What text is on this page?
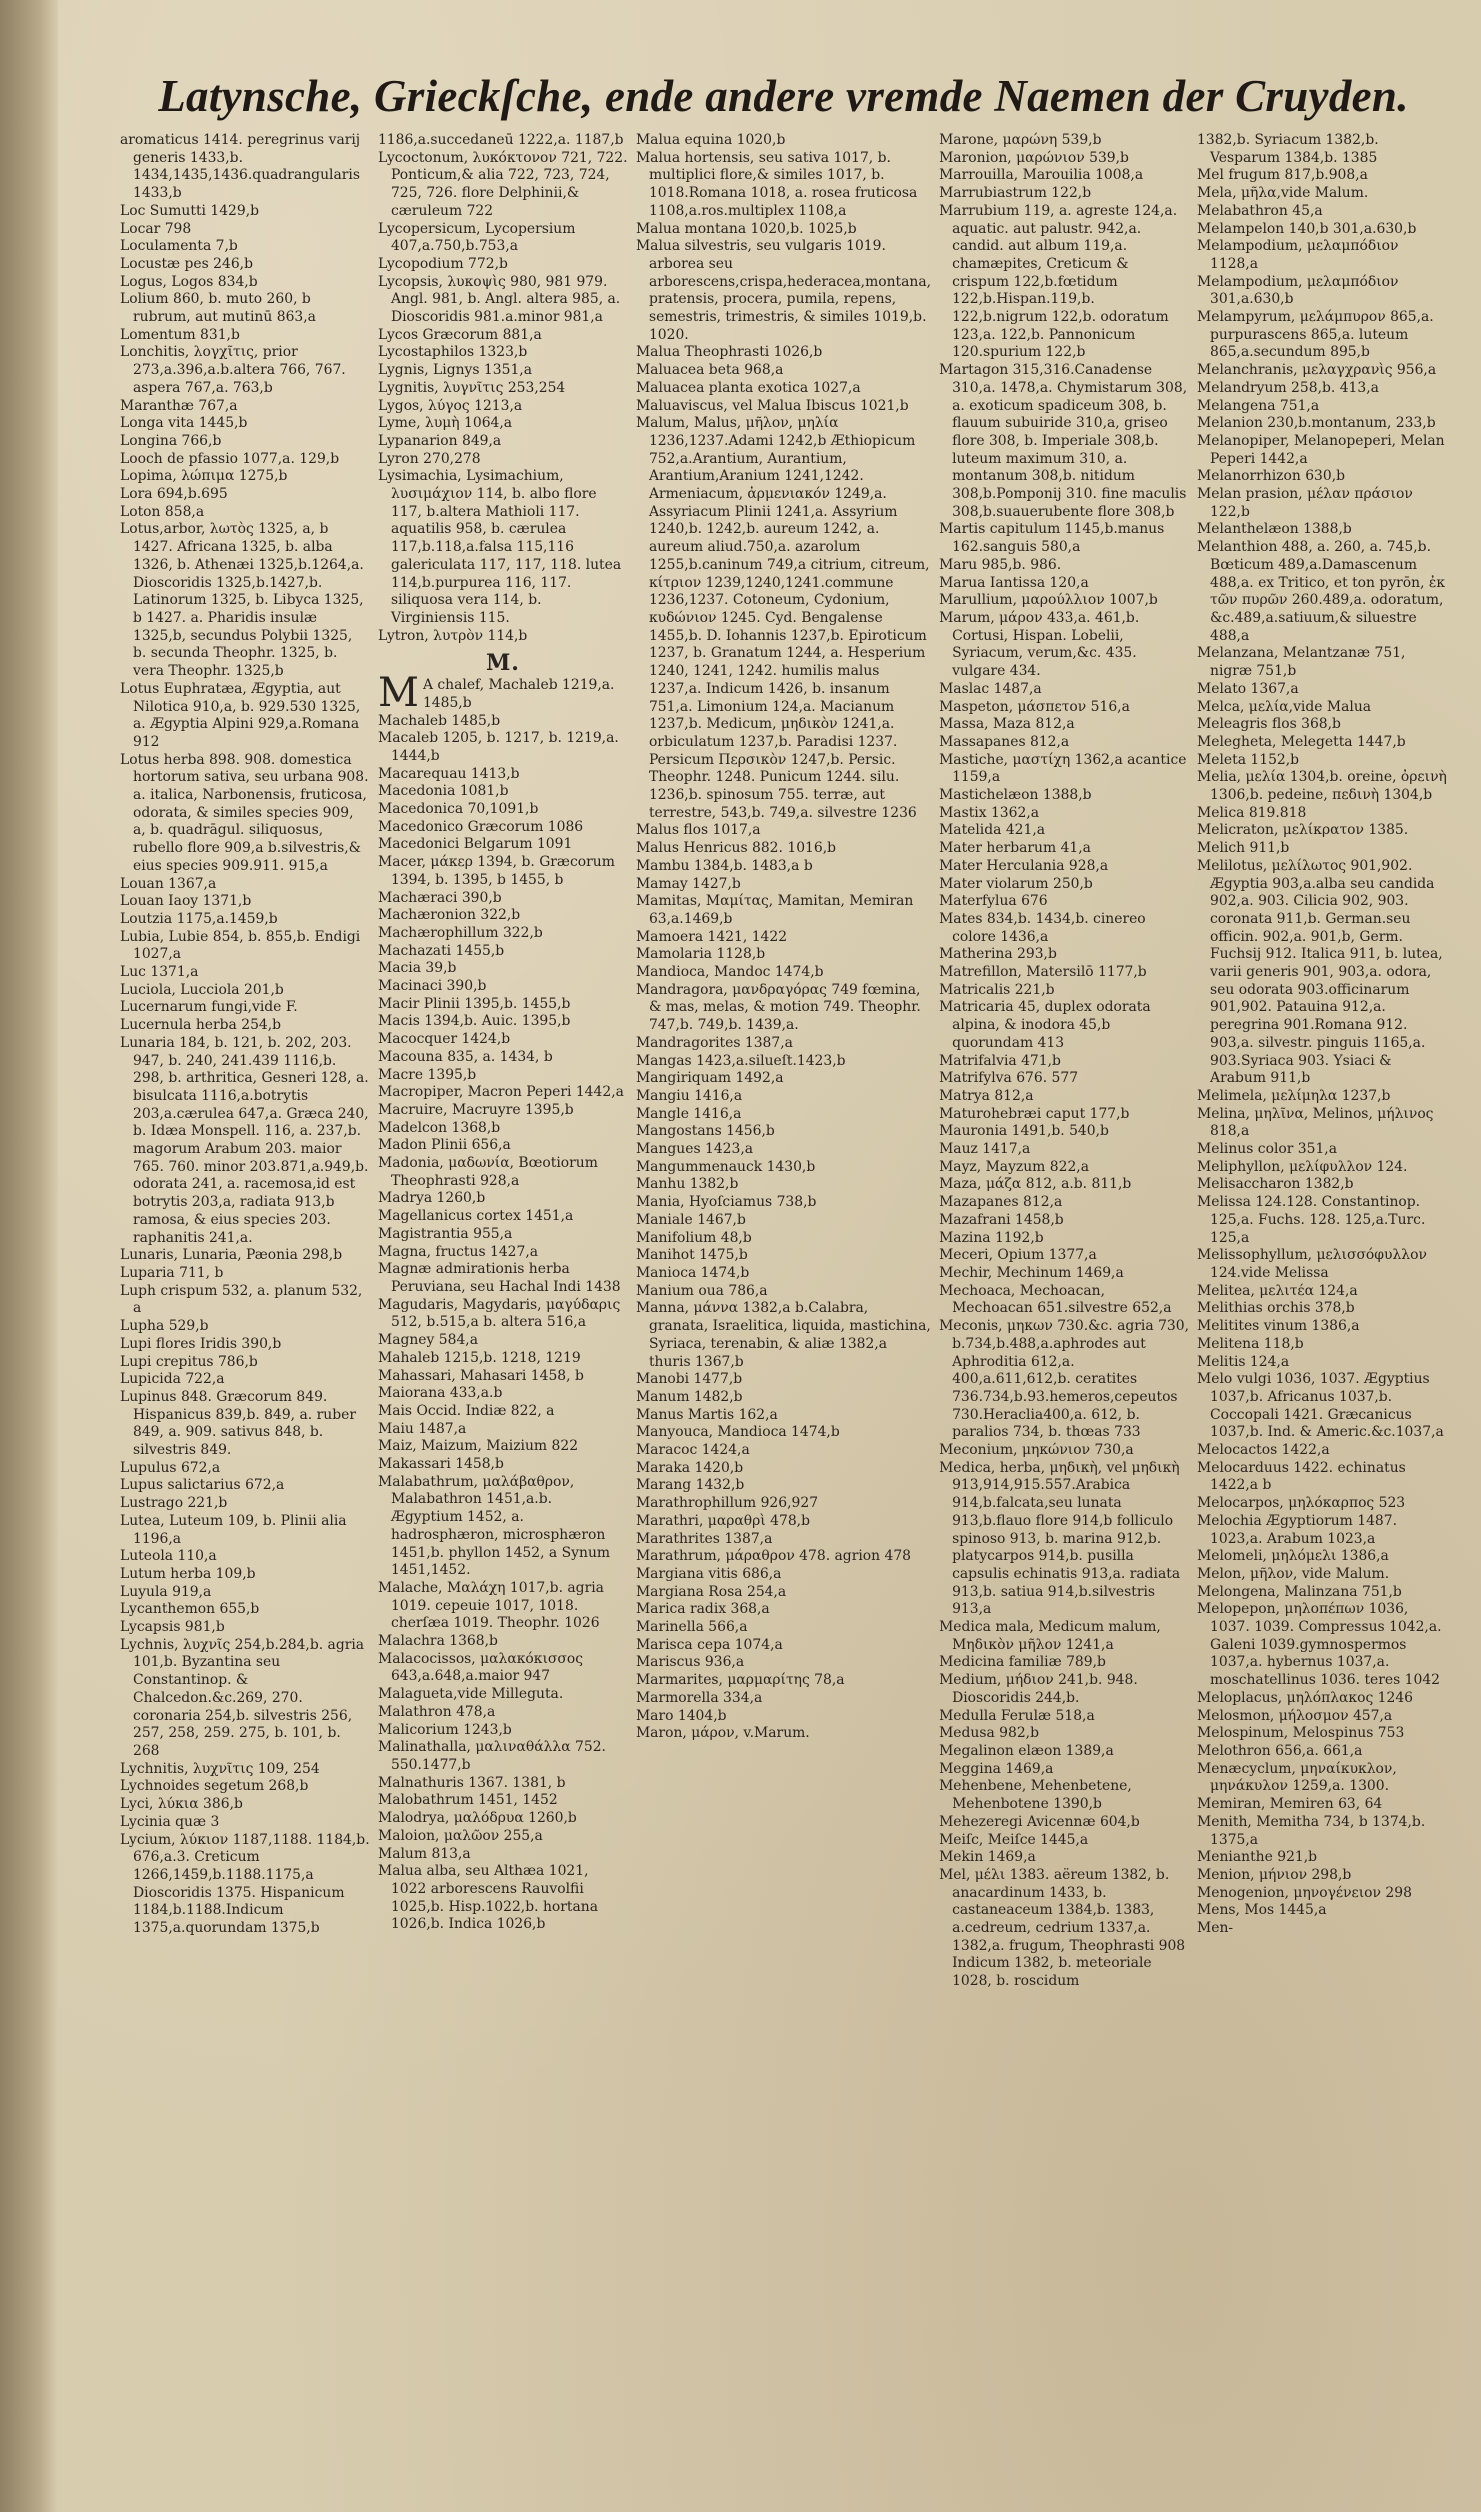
Latynsche, Grieckſche, ende andere vremde Naemen der Cruyden.

aromaticus 1414. peregrinus varij generis 1433,b. 1434,1435,1436.quadrangularis 1433,b

Loc Sumutti 1429,b

Locar 798

Loculamenta 7,b

Locustæ pes 246,b

Logus, Logos 834,b

Lolium 860, b. muto 260, b rubrum, aut mutinū 863,a

Lomentum 831,b

Lonchitis, λογχῖτις, prior 273,a.396,a.b.altera 766, 767. aspera 767,a. 763,b

Maranthæ 767,a

Longa vita 1445,b

Longina 766,b

Looch de pfassio 1077,a. 129,b

Lopima, λώπιμα 1275,b

Lora 694,b.695

Loton 858,a

Lotus,arbor, λωτὸς 1325, a, b 1427. Africana 1325, b. alba 1326, b. Athenæi 1325,b.1264,a. Dioscoridis 1325,b.1427,b. Latinorum 1325, b. Libyca 1325, b 1427. a. Pharidis insulæ 1325,b, secundus Polybii 1325, b. secunda Theophr. 1325, b. vera Theophr. 1325,b

Lotus Euphratæa, Ægyptia, aut Nilotica 910,a, b. 929.530 1325, a. Ægyptia Alpini 929,a.Romana 912

Lotus herba 898. 908. domestica hortorum sativa, seu urbana 908. a. italica, Narbonensis, fruticosa, odorata, & similes species 909, a, b. quadrāgul. siliquosus, rubello flore 909,a b.silvestris,& eius species 909.911. 915,a

Louan 1367,a

Louan Iaoy 1371,b

Loutzia 1175,a.1459,b

Lubia, Lubie 854, b. 855,b. Endigi 1027,a

Luc 1371,a

Luciola, Lucciola 201,b

Lucernarum fungi,vide F.

Lucernula herba 254,b

Lunaria 184, b. 121, b. 202, 203. 947, b. 240, 241.439 1116,b. 298, b. arthritica, Gesneri 128, a. bisulcata 1116,a.botrytis 203,a.cærulea 647,a. Græca 240, b. Idæa Monspell. 116, a. 237,b. magorum Arabum 203. maior 765. 760. minor 203.871,a.949,b. odorata 241, a. racemosa,id est botrytis 203,a, radiata 913,b ramosa, & eius species 203. raphanitis 241,a.

Lunaris, Lunaria, Pæonia 298,b

Luparia 711, b

Luph crispum 532, a. planum 532, a

Lupha 529,b

Lupi flores Iridis 390,b

Lupi crepitus 786,b

Lupicida 722,a

Lupinus 848. Græcorum 849. Hispanicus 839,b. 849, a. ruber 849, a. 909. sativus 848, b. silvestris 849.

Lupulus 672,a

Lupus salictarius 672,a

Lustrago 221,b

Lutea, Luteum 109, b. Plinii alia 1196,a

Luteola 110,a

Lutum herba 109,b

Luyula 919,a

Lycanthemon 655,b

Lycapsis 981,b

Lychnis, λυχνῖς 254,b.284,b. agria 101,b. Byzantina seu Constantinop. & Chalcedon.&c.269, 270. coronaria 254,b. silvestris 256, 257, 258, 259. 275, b. 101, b. 268

Lychnitis, λυχνῖτις 109, 254

Lychnoides segetum 268,b

Lyci, λύκια 386,b

Lycinia quæ 3

Lycium, λύκιον 1187,1188. 1184,b. 676,a.3. Creticum 1266,1459,b.1188.1175,a Dioscoridis 1375. Hispanicum 1184,b.1188.Indicum 1375,a.quorundam 1375,b

1186,a.succedaneū 1222,a. 1187,b

Lycoctonum, λυκόκτονον 721, 722. Ponticum,& alia 722, 723, 724, 725, 726. flore Delphinii,& cæruleum 722

Lycopersicum, Lycopersium 407,a.750,b.753,a

Lycopodium 772,b

Lycopsis, λυκοψὶς 980, 981 979. Angl. 981, b. Angl. altera 985, a. Dioscoridis 981.a.minor 981,a

Lycos Græcorum 881,a

Lycostaphilos 1323,b

Lygnis, Lignys 1351,a

Lygnitis, λυγνῖτις 253,254

Lygos, λύγος 1213,a

Lyme, λυμὴ 1064,a

Lypanarion 849,a

Lyron 270,278

Lysimachia, Lysimachium, λυσιμάχιον 114, b. albo flore 117, b.altera Mathioli 117. aquatilis 958, b. cærulea 117,b.118,a.falsa 115,116 galericulata 117, 117, 118. lutea 114,b.purpurea 116, 117. siliquosa vera 114, b. Virginiensis 115.

Lytron, λυτρὸν 114,b

M.

M A chalef, Machaleb 1219,a. 1485,b

Machaleb 1485,b

Macaleb 1205, b. 1217, b. 1219,a. 1444,b

Macarequau 1413,b

Macedonia 1081,b

Macedonica 70,1091,b

Macedonico Græcorum 1086

Macedonici Belgarum 1091

Macer, μάκερ 1394, b. Græcorum 1394, b. 1395, b 1455, b

Machæraci 390,b

Machæronion 322,b

Machærophillum 322,b

Machazati 1455,b

Macia 39,b

Macinaci 390,b

Macir Plinii 1395,b. 1455,b

Macis 1394,b. Auic. 1395,b

Macocquer 1424,b

Macouna 835, a. 1434, b

Macre 1395,b

Macropiper, Macron Peperi 1442,a

Macruire, Macruyre 1395,b

Madelcon 1368,b

Madon Plinii 656,a

Madonia, μαδωνία, Bœotiorum Theophrasti 928,a

Madrya 1260,b

Magellanicus cortex 1451,a

Magistrantia 955,a

Magna, fructus 1427,a

Magnæ admirationis herba Peruviana, seu Hachal Indi 1438

Magudaris, Magydaris, μαγύδαρις 512, b.515,a b. altera 516,a

Magney 584,a

Mahaleb 1215,b. 1218, 1219

Mahassari, Mahasari 1458, b

Maiorana 433,a.b

Mais Occid. Indiæ 822, a

Maiu 1487,a

Maiz, Maizum, Maizium 822

Makassari 1458,b

Malabathrum, μαλάβαθρον, Malabathron 1451,a.b. Ægyptium 1452, a. hadrosphæron, microsphæron 1451,b. phyllon 1452, a Synum 1451,1452.

Malache, Μαλάχη 1017,b. agria 1019. cepeuie 1017, 1018. cherſæa 1019. Theophr. 1026

Malachra 1368,b

Malacocissos, μαλακόκισσος 643,a.648,a.maior 947

Malagueta,vide Milleguta.

Malathron 478,a

Malicorium 1243,b

Malinathalla, μαλιναθάλλα 752. 550.1477,b

Malnathuris 1367. 1381, b

Malobathrum 1451, 1452

Malodrya, μαλόδρυα 1260,b

Maloion, μαλῶον 255,a

Malum 813,a

Malua alba, seu Althæa 1021, 1022 arborescens Rauvolfii 1025,b. Hisp.1022,b. hortana 1026,b. Indica 1026,b

Malua equina 1020,b

Malua hortensis, seu sativa 1017, b. multiplici flore,& similes 1017, b. 1018.Romana 1018, a. rosea fruticosa 1108,a.ros.multiplex 1108,a

Malua montana 1020,b. 1025,b

Malua silvestris, seu vulgaris 1019. arborea seu arborescens,crispa,hederacea,montana, pratensis, procera, pumila, repens, semestris, trimestris, & similes 1019,b. 1020.

Malua Theophrasti 1026,b

Maluacea beta 968,a

Maluacea planta exotica 1027,a

Maluaviscus, vel Malua Ibiscus 1021,b

Malum, Malus, μῆλον, μηλία 1236,1237.Adami 1242,b Æthiopicum 752,a.Arantium, Aurantium, Arantium,Aranium 1241,1242. Armeniacum, ἀρμενιακόν 1249,a. Assyriacum Plinii 1241,a. Assyrium 1240,b. 1242,b. aureum 1242, a. aureum aliud.750,a. azarolum 1255,b.caninum 749,a citrium, citreum, κίτριον 1239,1240,1241.commune 1236,1237. Cotoneum, Cydonium, κυδώνιον 1245. Cyd. Bengalense 1455,b. D. Iohannis 1237,b. Epiroticum 1237, b. Granatum 1244, a. Hesperium 1240, 1241, 1242. humilis malus 1237,a. Indicum 1426, b. insanum 751,a. Limonium 124,a. Macianum 1237,b. Medicum, μηδικὸν 1241,a. orbiculatum 1237,b. Paradisi 1237. Persicum Περσικὸν 1247,b. Persic. Theophr. 1248. Punicum 1244. silu. 1236,b. spinosum 755. terræ, aut terrestre, 543,b. 749,a. silvestre 1236

Malus flos 1017,a

Malus Henricus 882. 1016,b

Mambu 1384,b. 1483,a b

Mamay 1427,b

Mamitas, Μαμίτας, Mamitan, Memiran 63,a.1469,b

Mamoera 1421, 1422

Mamolaria 1128,b

Mandioca, Mandoc 1474,b

Mandragora, μανδραγόρας 749 fœmina, & mas, melas, & motion 749. Theophr. 747,b. 749,b. 1439,a.

Mandragorites 1387,a

Mangas 1423,a.silueſt.1423,b

Mangiriquam 1492,a

Mangiu 1416,a

Mangle 1416,a

Mangostans 1456,b

Mangues 1423,a

Mangummenauck 1430,b

Manhu 1382,b

Mania, Hyoſciamus 738,b

Maniale 1467,b

Manifolium 48,b

Manihot 1475,b

Manioca 1474,b

Manium oua 786,a

Manna, μάννα 1382,a b.Calabra, granata, Israelitica, liquida, mastichina, Syriaca, terenabin, & aliæ 1382,a thuris 1367,b

Manobi 1477,b

Manum 1482,b

Manus Martis 162,a

Manyouca, Mandioca 1474,b

Maracoc 1424,a

Maraka 1420,b

Marang 1432,b

Marathrophillum 926,927

Marathri, μαραθρὶ 478,b

Marathrites 1387,a

Marathrum, μάραθρον 478. agrion 478

Margiana vitis 686,a

Margiana Rosa 254,a

Marica radix 368,a

Marinella 566,a

Marisca cepa 1074,a

Mariscus 936,a

Marmarites, μαρμαρίτης 78,a

Marmorella 334,a

Maro 1404,b

Maron, μάρον, v.Marum.

Marone, μαρώνη 539,b

Maronion, μαρώνιον 539,b

Marrouilla, Marouilia 1008,a

Marrubiastrum 122,b

Marrubium 119, a. agreste 124,a. aquatic. aut palustr. 942,a. candid. aut album 119,a. chamæpites, Creticum & crispum 122,b.fœtidum 122,b.Hispan.119,b. 122,b.nigrum 122,b. odoratum 123,a. 122,b. Pannonicum 120.spurium 122,b

Martagon 315,316.Canadense 310,a. 1478,a. Chymistarum 308, a. exoticum spadiceum 308, b. flauum subuiride 310,a, griseo flore 308, b. Imperiale 308,b. luteum maximum 310, a. montanum 308,b. nitidum 308,b.Pomponij 310. fine maculis 308,b.suauerubente flore 308,b

Martis capitulum 1145,b.manus 162.sanguis 580,a

Maru 985,b. 986.

Marua Iantissa 120,a

Marullium, μαρούλλιον 1007,b

Marum, μάρον 433,a. 461,b. Cortusi, Hispan. Lobelii, Syriacum, verum,&c. 435. vulgare 434.

Maslac 1487,a

Maspeton, μάσπετον 516,a

Massa, Maza 812,a

Massapanes 812,a

Mastiche, μαστίχη 1362,a acantice 1159,a

Mastichelæon 1388,b

Mastix 1362,a

Matelida 421,a

Mater herbarum 41,a

Mater Herculania 928,a

Mater violarum 250,b

Materfylua 676

Mates 834,b. 1434,b. cinereo colore 1436,a

Matherina 293,b

Matrefillon, Matersilō 1177,b

Matricalis 221,b

Matricaria 45, duplex odorata alpina, & inodora 45,b quorundam 413

Matrifalvia 471,b

Matrifylva 676. 577

Matrya 812,a

Maturohebræi caput 177,b

Mauronia 1491,b. 540,b

Mauz 1417,a

Mayz, Mayzum 822,a

Maza, μάζα 812, a.b. 811,b

Mazapanes 812,a

Mazafrani 1458,b

Mazina 1192,b

Meceri, Opium 1377,a

Mechir, Mechinum 1469,a

Mechoaca, Mechoacan, Mechoacan 651.silvestre 652,a

Meconis, μηκων 730.&c. agria 730, b.734,b.488,a.aphrodes aut Aphroditia 612,a. 400,a.611,612,b. ceratites 736.734,b.93.hemeros,cepeutos 730.Heraclia400,a. 612, b. paralios 734, b. thœas 733

Meconium, μηκώνιον 730,a

Medica, herba, μηδικὴ, vel μηδικὴ 913,914,915.557.Arabica 914,b.falcata,seu lunata 913,b.flauo flore 914,b folliculo spinoso 913, b. marina 912,b. platycarpos 914,b. pusilla capsulis echinatis 913,a. radiata 913,b. satiua 914,b.silvestris 913,a

Medica mala, Medicum malum, Μηδικὸν μῆλον 1241,a

Medicina familiæ 789,b

Medium, μήδιον 241,b. 948. Dioscoridis 244,b.

Medulla Ferulæ 518,a

Medusa 982,b

Megalinon elæon 1389,a

Meggina 1469,a

Mehenbene, Mehenbetene, Mehenbotene 1390,b

Mehezeregi Avicennæ 604,b

Meiſc, Meiſce 1445,a

Mekin 1469,a

Mel, μέλι 1383. aëreum 1382, b. anacardinum 1433, b. castaneaceum 1384,b. 1383, a.cedreum, cedrium 1337,a. 1382,a. frugum, Theophrasti 908 Indicum 1382, b. meteoriale 1028, b. roscidum

1382,b. Syriacum 1382,b. Vesparum 1384,b. 1385

Mel frugum 817,b.908,a

Mela, μῆλα,vide Malum.

Melabathron 45,a

Melampelon 140,b 301,a.630,b

Melampodium, μελαμπόδιον 1128,a

Melampodium, μελαμπόδιον 301,a.630,b

Melampyrum, μελάμπυρον 865,a. purpurascens 865,a. luteum 865,a.secundum 895,b

Melanchranis, μελαγχρανὶς 956,a

Melandryum 258,b. 413,a

Melangena 751,a

Melanion 230,b.montanum, 233,b

Melanopiper, Melanopeperi, Melan Peperi 1442,a

Melanorrhizon 630,b

Melan prasion, μέλαν πράσιον 122,b

Melanthelæon 1388,b

Melanthion 488, a. 260, a. 745,b. Bœticum 489,a.Damascenum 488,a. ex Tritico, et ton pyrōn, ἐκ τῶν πυρῶν 260.489,a. odoratum, &c.489,a.satiuum,& siluestre 488,a

Melanzana, Melantzanæ 751, nigræ 751,b

Melato 1367,a

Melca, μελία,vide Malua

Meleagris flos 368,b

Melegheta, Melegetta 1447,b

Meleta 1152,b

Melia, μελία 1304,b. oreine, ὀρεινὴ 1306,b. pedeine, πεδινὴ 1304,b

Melica 819.818

Melicraton, μελίκρατον 1385.

Melich 911,b

Melilotus, μελίλωτος 901,902. Ægyptia 903,a.alba seu candida 902,a. 903. Cilicia 902, 903. coronata 911,b. German.seu officin. 902,a. 901,b, Germ. Fuchsij 912. Italica 911, b. lutea, varii generis 901, 903,a. odora, seu odorata 903.officinarum 901,902. Patauina 912,a. peregrina 901.Romana 912. 903,a. silvestr. pinguis 1165,a. 903.Syriaca 903. Ysiaci & Arabum 911,b

Melimela, μελίμηλα 1237,b

Melina, μηλῖνα, Melinos, μήλινος 818,a

Melinus color 351,a

Meliphyllon, μελίφυλλον 124.

Melisaccharon 1382,b

Melissa 124.128. Constantinop. 125,a. Fuchs. 128. 125,a.Turc. 125,a

Melissophyllum, μελισσόφυλλον 124.vide Melissa

Melitea, μελιτέα 124,a

Melithias orchis 378,b

Melitites vinum 1386,a

Melitena 118,b

Melitis 124,a

Melo vulgi 1036, 1037. Ægyptius 1037,b. Africanus 1037,b. Coccopali 1421. Græcanicus 1037,b. Ind. & Americ.&c.1037,a

Melocactos 1422,a

Melocarduus 1422. echinatus 1422,a b

Melocarpos, μηλόκαρπος 523

Melochia Ægyptiorum 1487. 1023,a. Arabum 1023,a

Melomeli, μηλόμελι 1386,a

Melon, μῆλον, vide Malum.

Melongena, Malinzana 751,b

Melopepon, μηλοπέπων 1036, 1037. 1039. Compressus 1042,a. Galeni 1039.gymnospermos 1037,a. hybernus 1037,a. moschatellinus 1036. teres 1042

Meloplacus, μηλόπλακος 1246

Melosmon, μήλοσμον 457,a

Melospinum, Melospinus 753

Melothron 656,a. 661,a

Menæcyclum, μηναίκυκλον, μηνάκυλον 1259,a. 1300.

Memiran, Memiren 63, 64

Menith, Memitha 734, b 1374,b. 1375,a

Menianthe 921,b

Menion, μήνιον 298,b

Menogenion, μηνογένειον 298

Mens, Mos 1445,a

Men-
